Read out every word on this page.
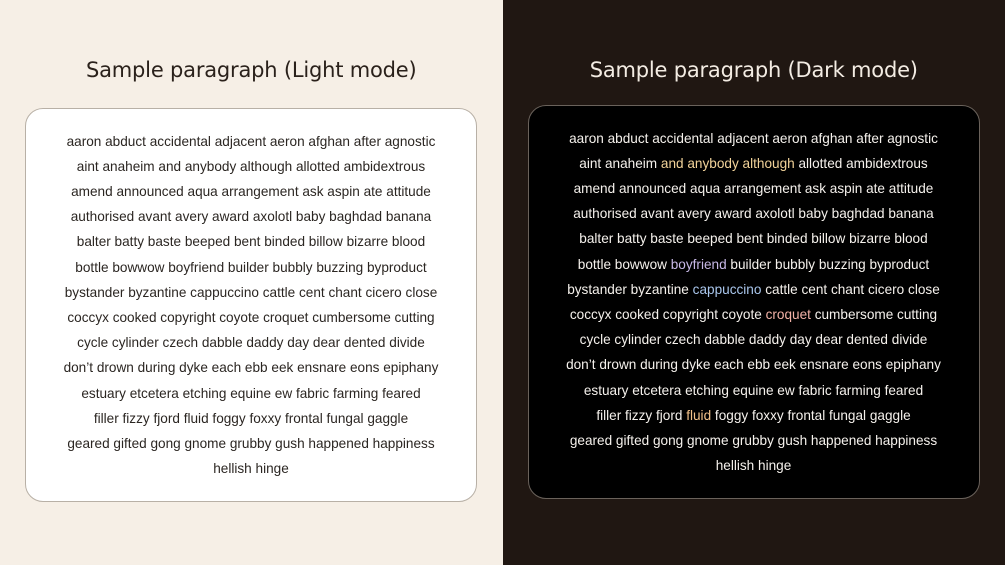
Sample paragraph (Light mode)

aaron abduct accidental adjacent aeron afghan after agnostic
aint anaheim and anybody although allotted ambidextrous
amend announced aqua arrangement ask aspin ate attitude
authorised avant avery award axolotl baby baghdad banana
balter batty baste beeped bent binded billow bizarre blood
bottle bowwow boyfriend builder bubbly buzzing byproduct
bystander byzantine cappuccino cattle cent chant cicero close
coccyx cooked copyright coyote croquet cumbersome cutting
cycle cylinder czech dabble daddy day dear dented divide
don’t drown during dyke each ebb eek ensnare eons epiphany
estuary etcetera etching equine ew fabric farming feared
filler fizzy fjord fluid foggy foxxy frontal fungal gaggle
geared gifted gong gnome grubby gush happened happiness
hellish hinge

Sample paragraph (Dark mode)

aaron abduct accidental adjacent aeron afghan after agnostic
aint anaheim and anybody although allotted ambidextrous
amend announced aqua arrangement ask aspin ate attitude
authorised avant avery award axolotl baby baghdad banana
balter batty baste beeped bent binded billow bizarre blood
bottle bowwow boyfriend builder bubbly buzzing byproduct
bystander byzantine cappuccino cattle cent chant cicero close
coccyx cooked copyright coyote croquet cumbersome cutting
cycle cylinder czech dabble daddy day dear dented divide
don’t drown during dyke each ebb eek ensnare eons epiphany
estuary etcetera etching equine ew fabric farming feared
filler fizzy fjord fluid foggy foxxy frontal fungal gaggle
geared gifted gong gnome grubby gush happened happiness
hellish hinge
